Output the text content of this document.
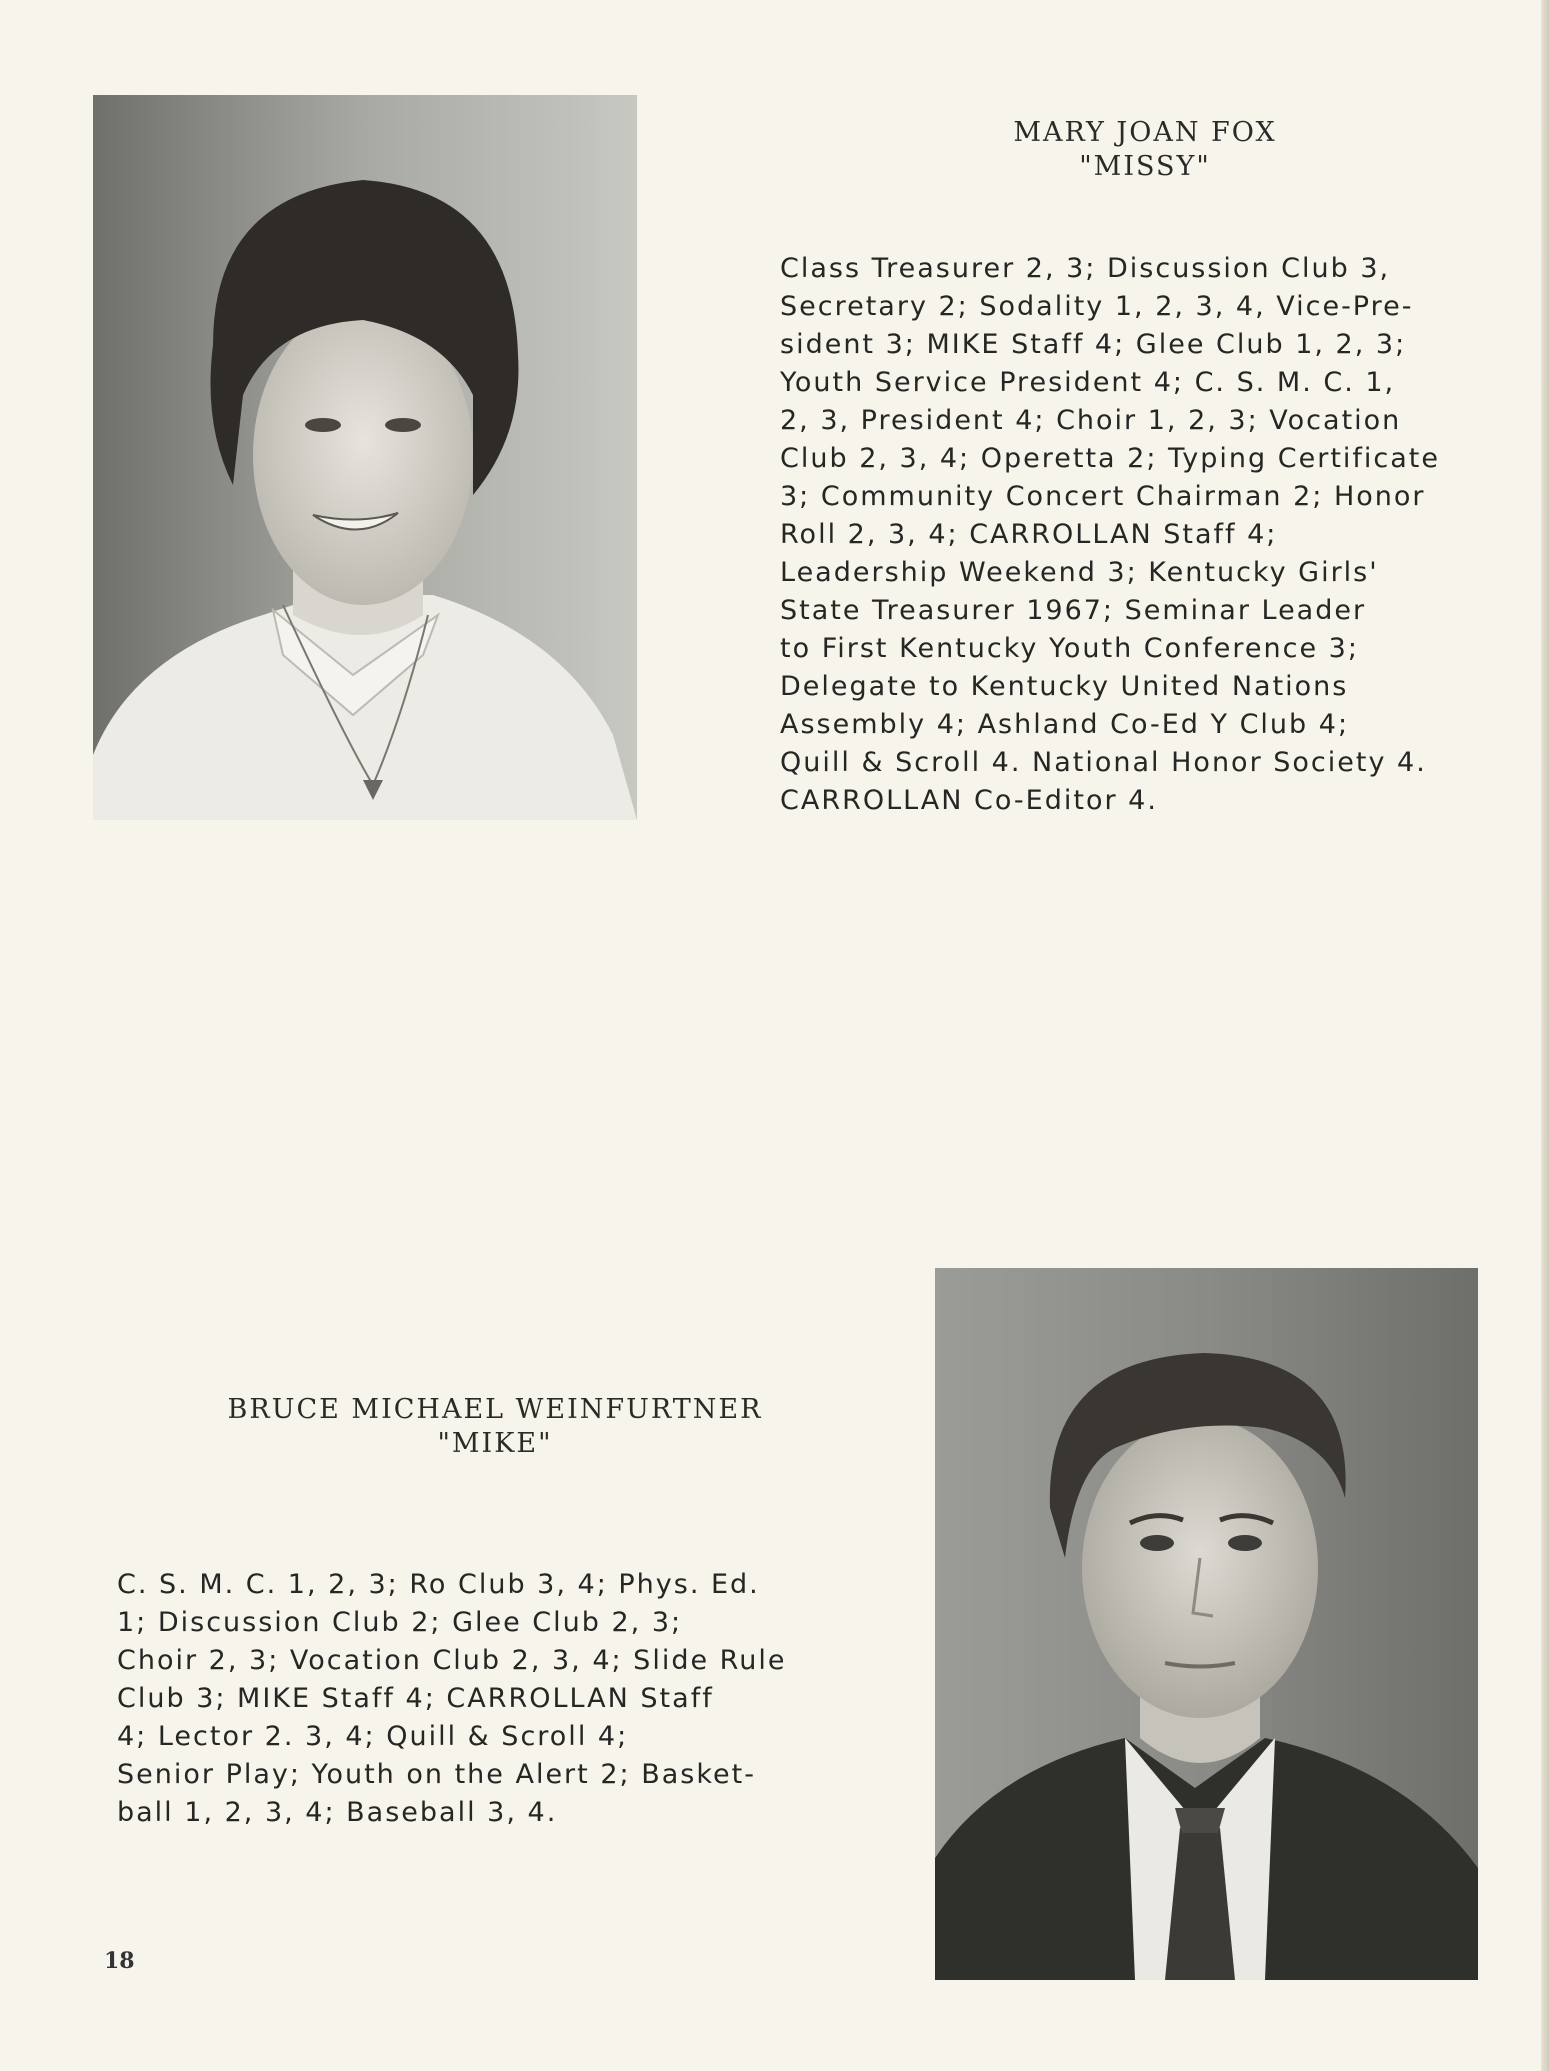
MARY JOAN FOX
"MISSY"
Class Treasurer 2, 3; Discussion Club 3,
Secretary 2; Sodality 1, 2, 3, 4, Vice-Pre-
sident 3; MIKE Staff 4; Glee Club 1, 2, 3;
Youth Service President 4; C. S. M. C. 1,
2, 3, President 4; Choir 1, 2, 3; Vocation
Club 2, 3, 4; Operetta 2; Typing Certificate
3; Community Concert Chairman 2; Honor
Roll 2, 3, 4; CARROLLAN Staff 4;
Leadership Weekend 3; Kentucky Girls'
State Treasurer 1967; Seminar Leader
to First Kentucky Youth Conference 3;
Delegate to Kentucky United Nations
Assembly 4; Ashland Co-Ed Y Club 4;
Quill & Scroll 4. National Honor Society 4.
CARROLLAN Co-Editor 4.
BRUCE MICHAEL WEINFURTNER
"MIKE"
C. S. M. C. 1, 2, 3; Ro Club 3, 4; Phys. Ed.
1; Discussion Club 2; Glee Club 2, 3;
Choir 2, 3; Vocation Club 2, 3, 4; Slide Rule
Club 3; MIKE Staff 4; CARROLLAN Staff
4; Lector 2. 3, 4; Quill & Scroll 4;
Senior Play; Youth on the Alert 2; Basket-
ball 1, 2, 3, 4; Baseball 3, 4.
18
